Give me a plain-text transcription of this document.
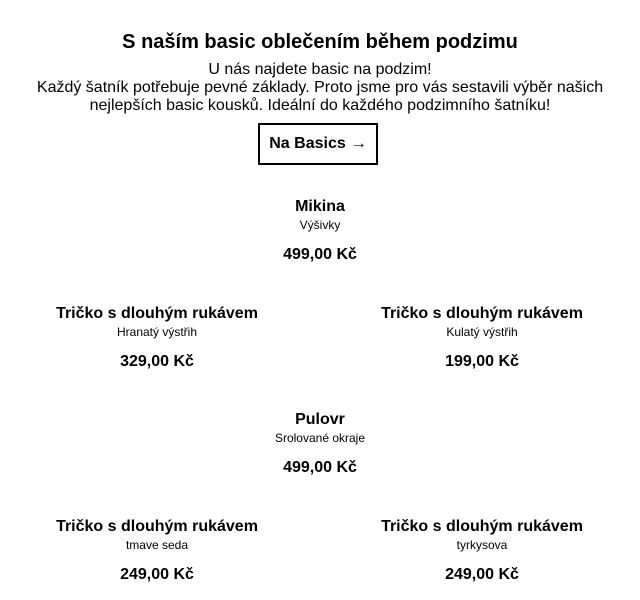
S naším basic oblečením během podzimu
U nás najdete basic na podzim!
Každý šatník potřebuje pevné základy. Proto jsme pro vás sestavili výběr našich
nejlepších basic kousků. Ideální do každého podzimního šatníku!
Na Basics →
Mikina
Výšivky
499,00 Kč
Tričko s dlouhým rukávem
Hranatý výstřih
329,00 Kč
Tričko s dlouhým rukávem
Kulatý výstřih
199,00 Kč
Pulovr
Srolované okraje
499,00 Kč
Tričko s dlouhým rukávem
tmave seda
249,00 Kč
Tričko s dlouhým rukávem
tyrkysova
249,00 Kč
